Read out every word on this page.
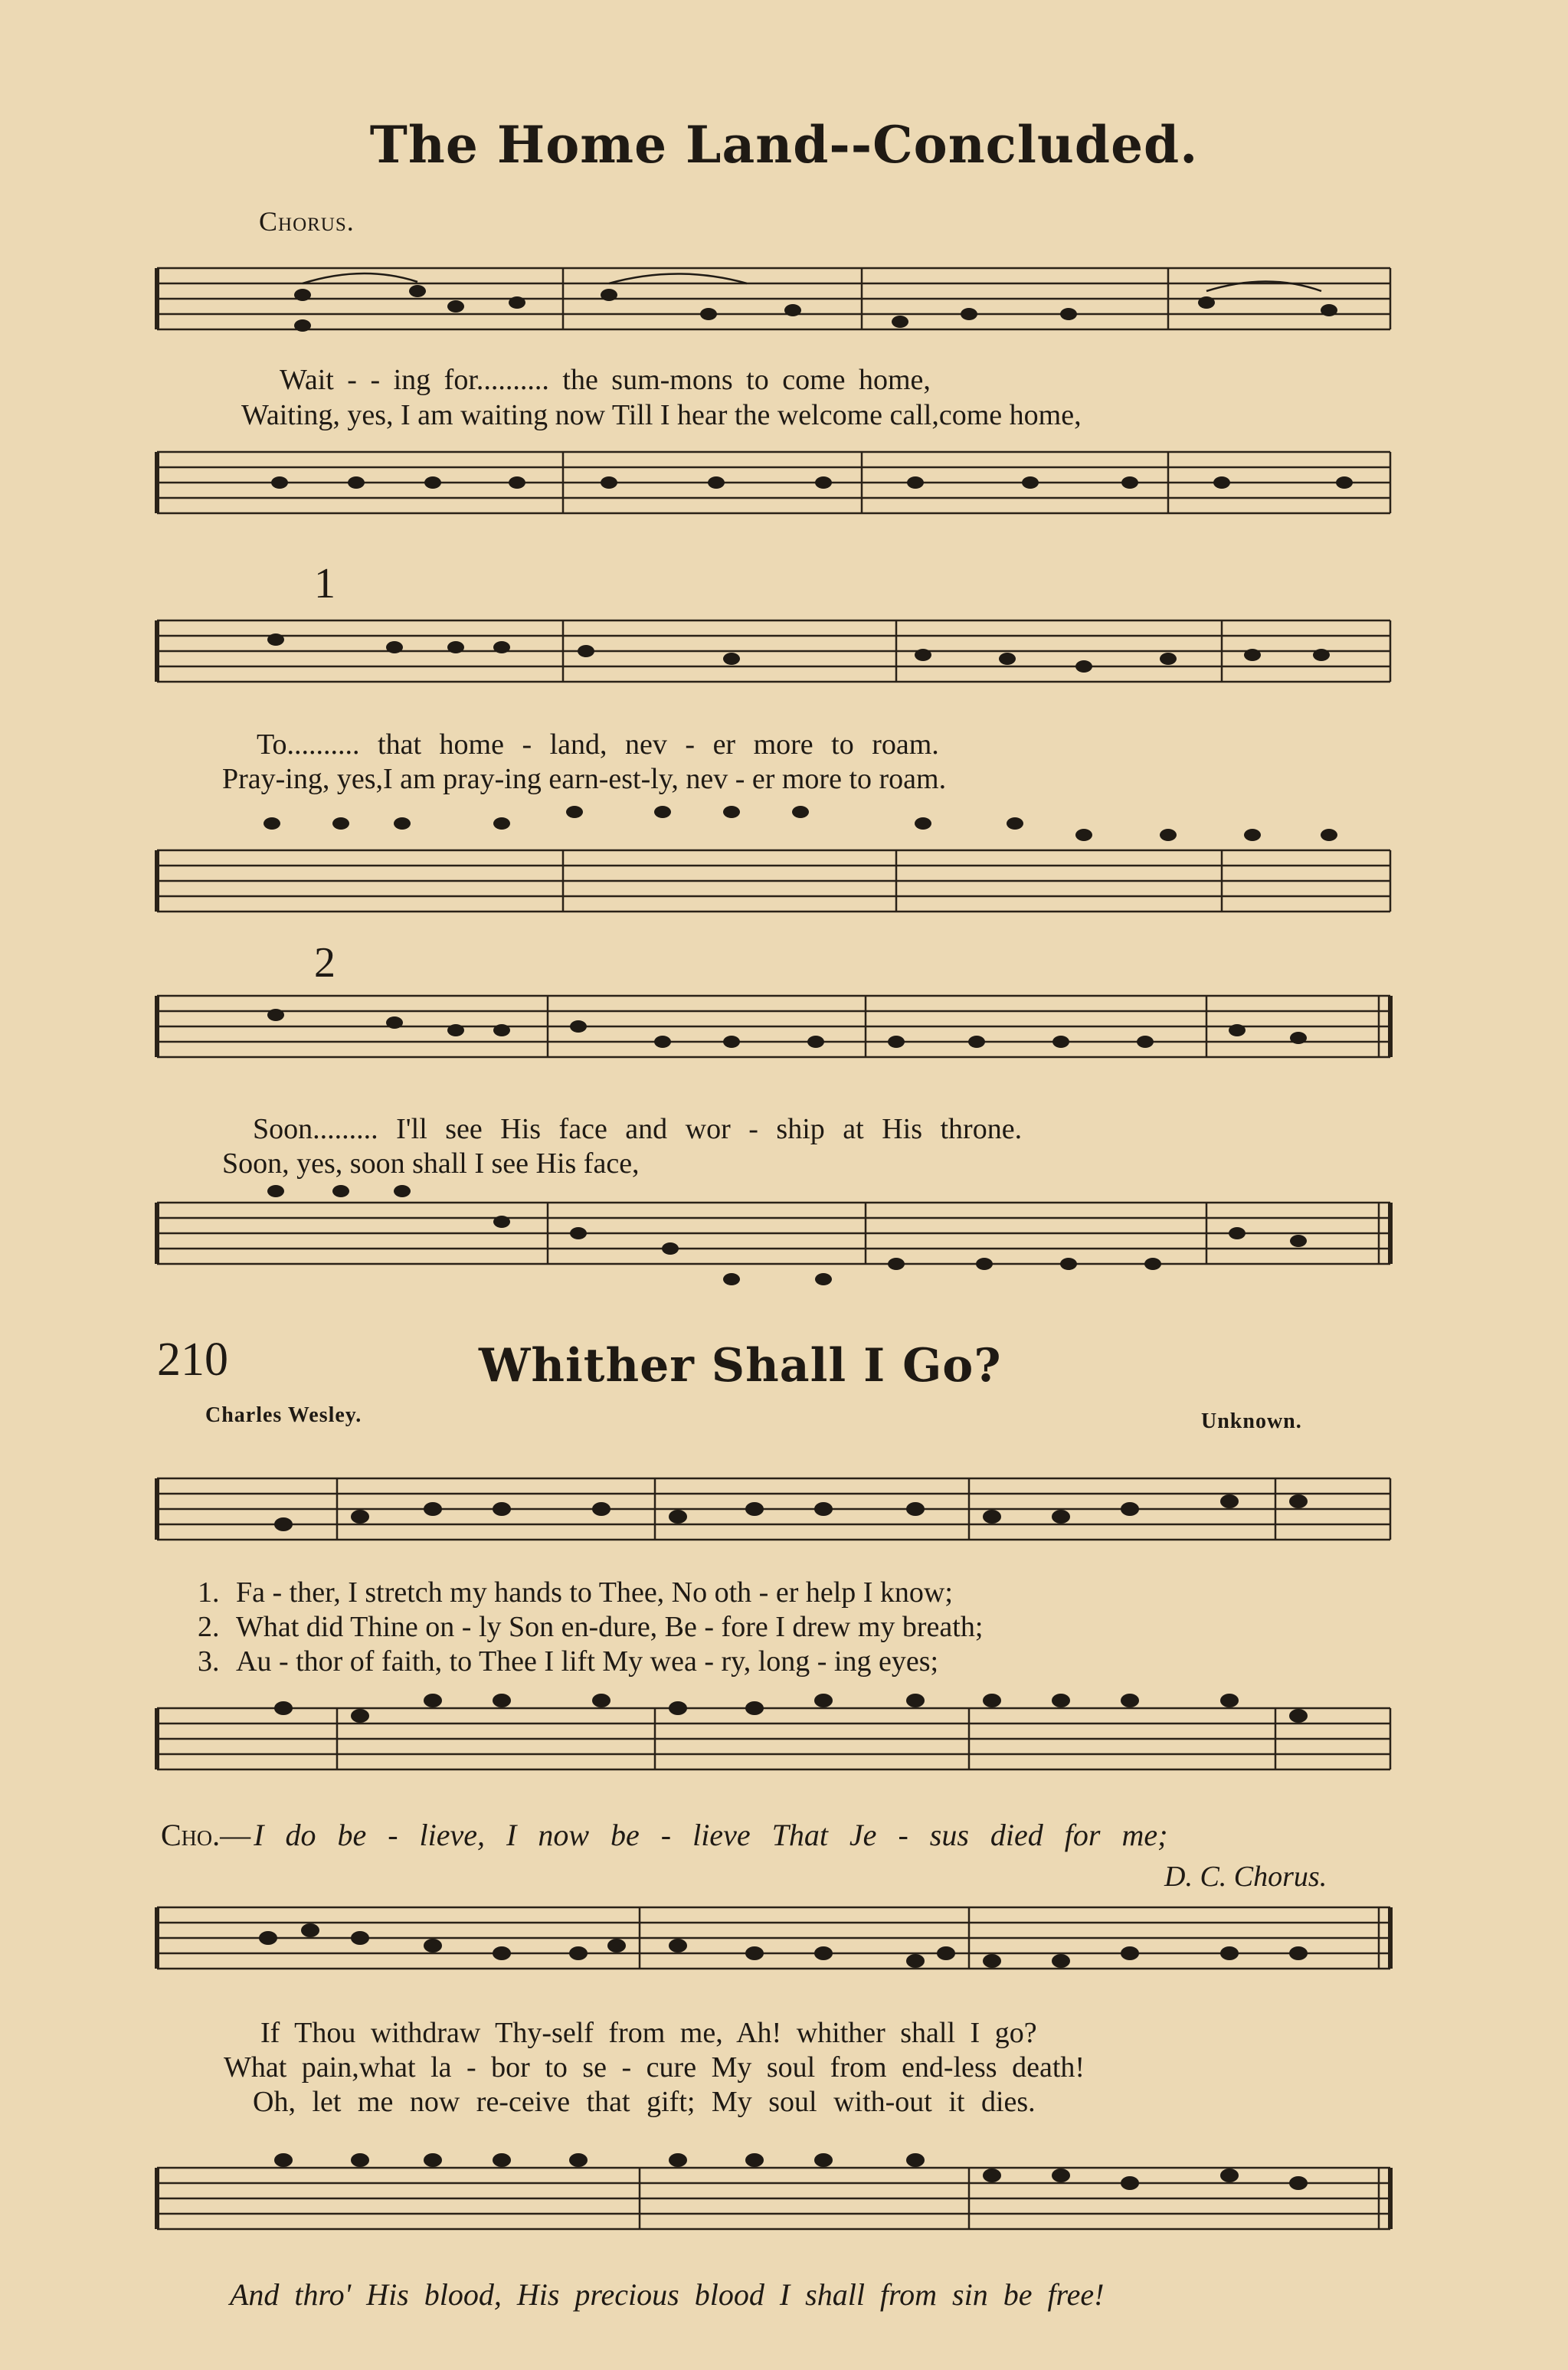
The Home Land--Concluded.
Chorus.
Wait - - ing for.......... the sum-mons to come home,
Waiting, yes, I am waiting now Till I hear the welcome call,come home,
1
To.......... that home - land, nev - er more to roam.
Pray-ing, yes,I am pray-ing earn-est-ly, nev - er more to roam.
2
Soon......... I'll see His face and wor - ship at His throne.
Soon, yes, soon shall I see His face,
210	Whither Shall I Go?
Charles Wesley.	Unknown.
1. Fa - ther, I stretch my hands to Thee, No oth - er help I know;
2. What did Thine on - ly Son en-dure, Be - fore I drew my breath;
3. Au - thor of faith, to Thee I lift My wea - ry, long - ing eyes;
Cho.— I do be - lieve, I now be - lieve That Je - sus died for me;
D. C. Chorus.
If Thou withdraw Thy-self from me, Ah! whither shall I go?
What pain,what la - bor to se - cure My soul from end-less death!
Oh, let me now re-ceive that gift; My soul with-out it dies.
And thro' His blood, His precious blood I shall from sin be free!
